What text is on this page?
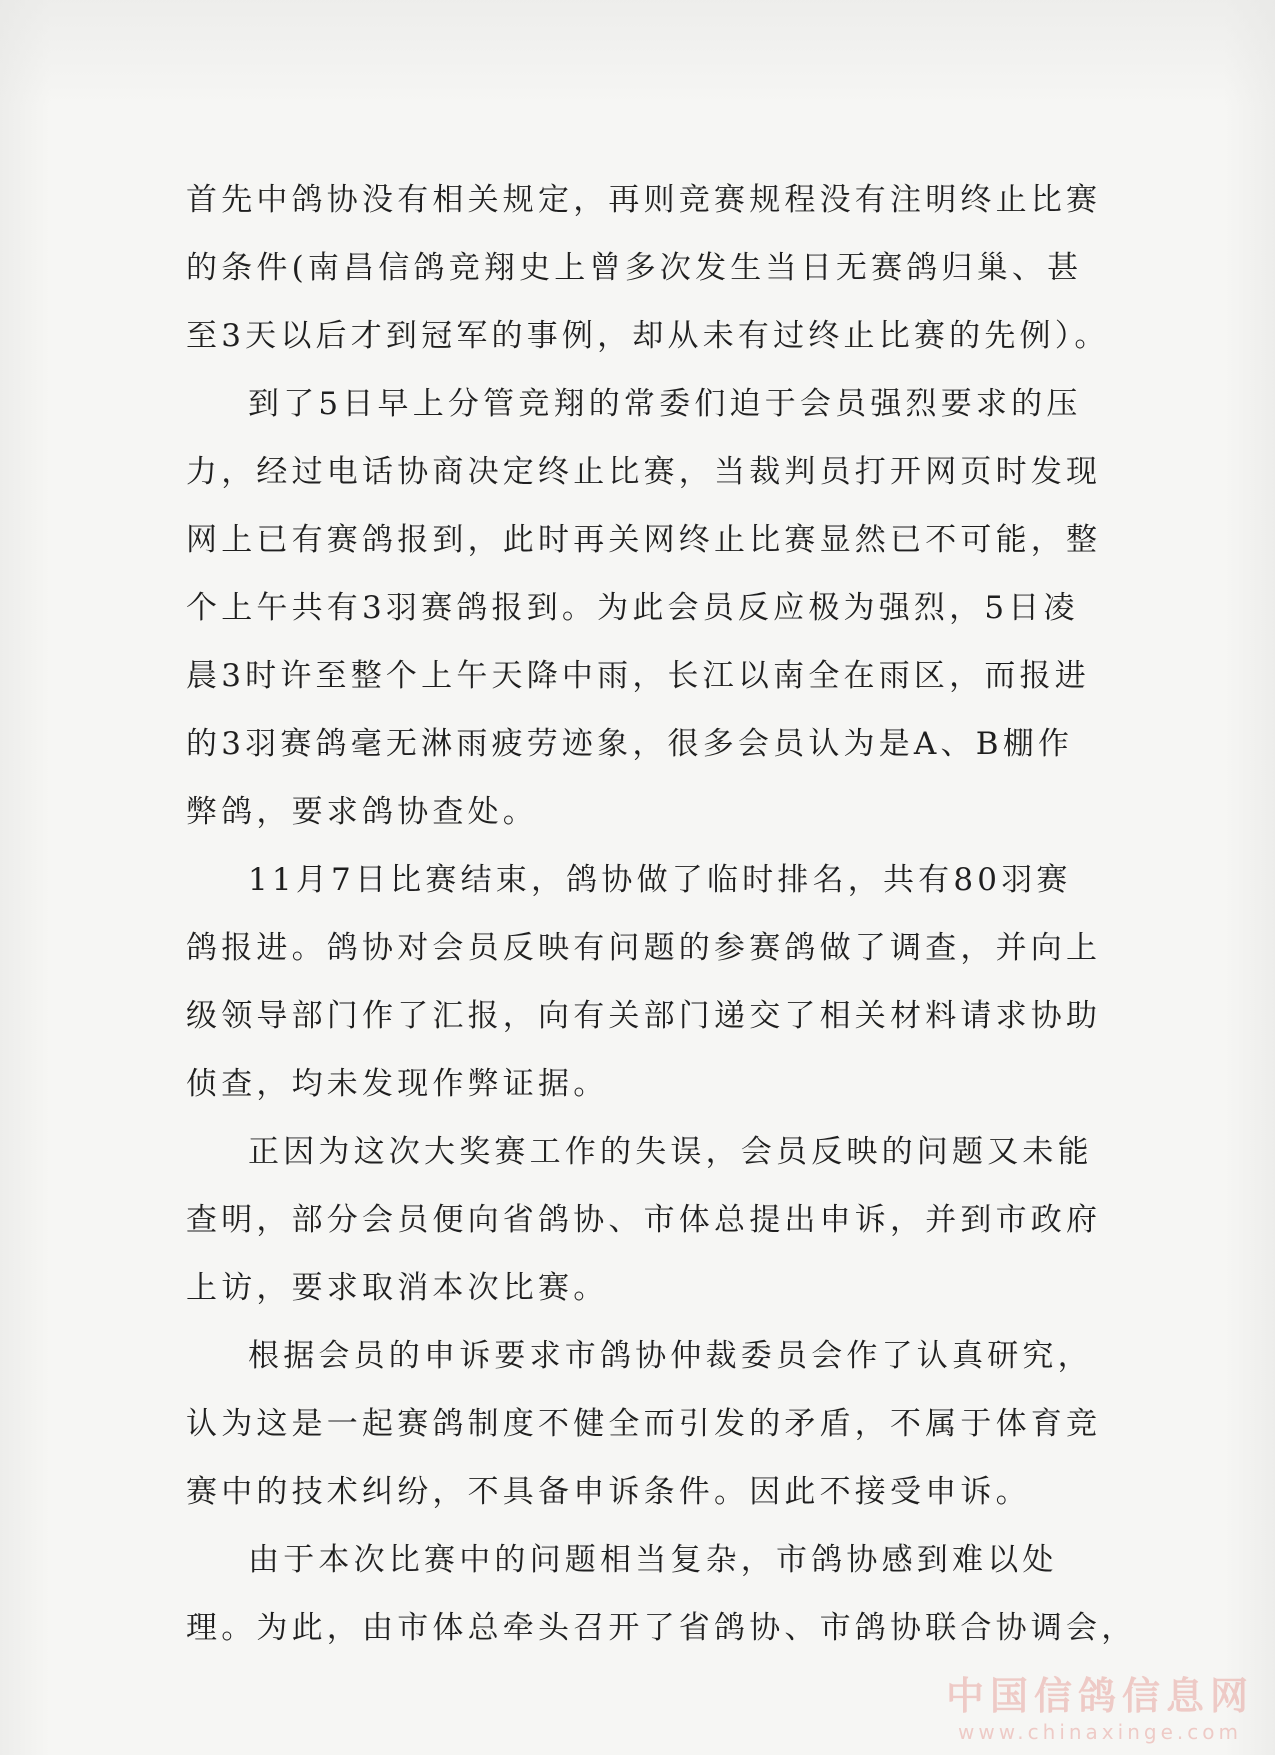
首先中鸽协没有相关规定，再则竞赛规程没有注明终止比赛
的条件(南昌信鸽竞翔史上曾多次发生当日无赛鸽归巢、甚
至3天以后才到冠军的事例，却从未有过终止比赛的先例）。
到了5日早上分管竞翔的常委们迫于会员强烈要求的压
力，经过电话协商决定终止比赛，当裁判员打开网页时发现
网上已有赛鸽报到，此时再关网终止比赛显然已不可能，整
个上午共有3羽赛鸽报到。为此会员反应极为强烈，5日凌
晨3时许至整个上午天降中雨，长江以南全在雨区，而报进
的3羽赛鸽毫无淋雨疲劳迹象，很多会员认为是A、B棚作
弊鸽，要求鸽协查处。
11月7日比赛结束，鸽协做了临时排名，共有80羽赛
鸽报进。鸽协对会员反映有问题的参赛鸽做了调查，并向上
级领导部门作了汇报，向有关部门递交了相关材料请求协助
侦查，均未发现作弊证据。
正因为这次大奖赛工作的失误，会员反映的问题又未能
查明，部分会员便向省鸽协、市体总提出申诉，并到市政府
上访，要求取消本次比赛。
根据会员的申诉要求市鸽协仲裁委员会作了认真研究，
认为这是一起赛鸽制度不健全而引发的矛盾，不属于体育竞
赛中的技术纠纷，不具备申诉条件。因此不接受申诉。
由于本次比赛中的问题相当复杂，市鸽协感到难以处
理。为此，由市体总牵头召开了省鸽协、市鸽协联合协调会，
中国信鸽信息网
www.chinaxinge.com
